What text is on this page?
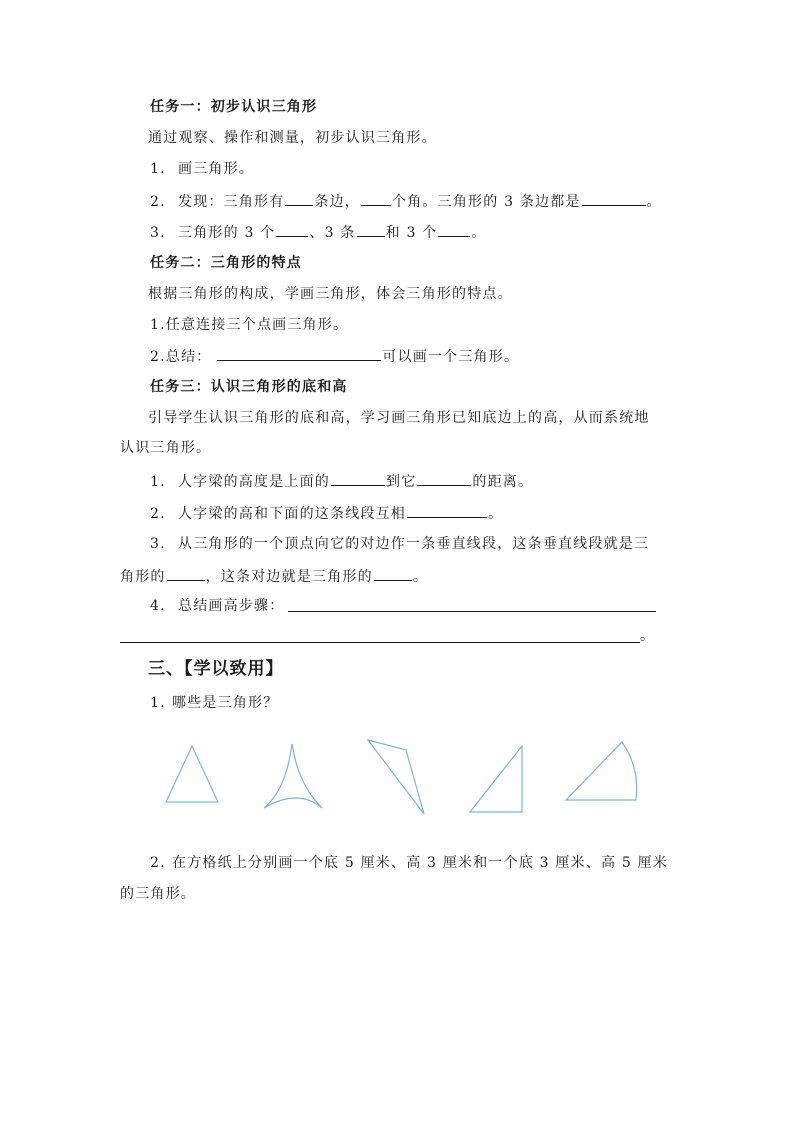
任务一：初步认识三角形
通过观察、操作和测量，初步认识三角形。
1. 画三角形。
2. 发现：三角形有 条边， 个角。三角形的 3 条边都是	。
3. 三角形的 3 个 、3 条 和 3 个 。
任务二：三角形的特点
根据三角形的构成，学画三角形，体会三角形的特点。
1.任意连接三个点画三角形。
2.总结：	可以画一个三角形。
任务三：认识三角形的底和高
引导学生认识三角形的底和高，学习画三角形已知底边上的高，从而系统地
认识三角形。
1. 人字梁的高度是上面的	到它	的距离。
2. 人字梁的高和下面的这条线段互相	。
3. 从三角形的一个顶点向它的对边作一条垂直线段，这条垂直线段就是三
角形的	，这条对边就是三角形的	。
4. 总结画高步骤：
。
三、【学以致用】
1. 哪些是三角形？
2. 在方格纸上分别画一个底 5 厘米、高 3 厘米和一个底 3 厘米、高 5 厘米
的三角形。
